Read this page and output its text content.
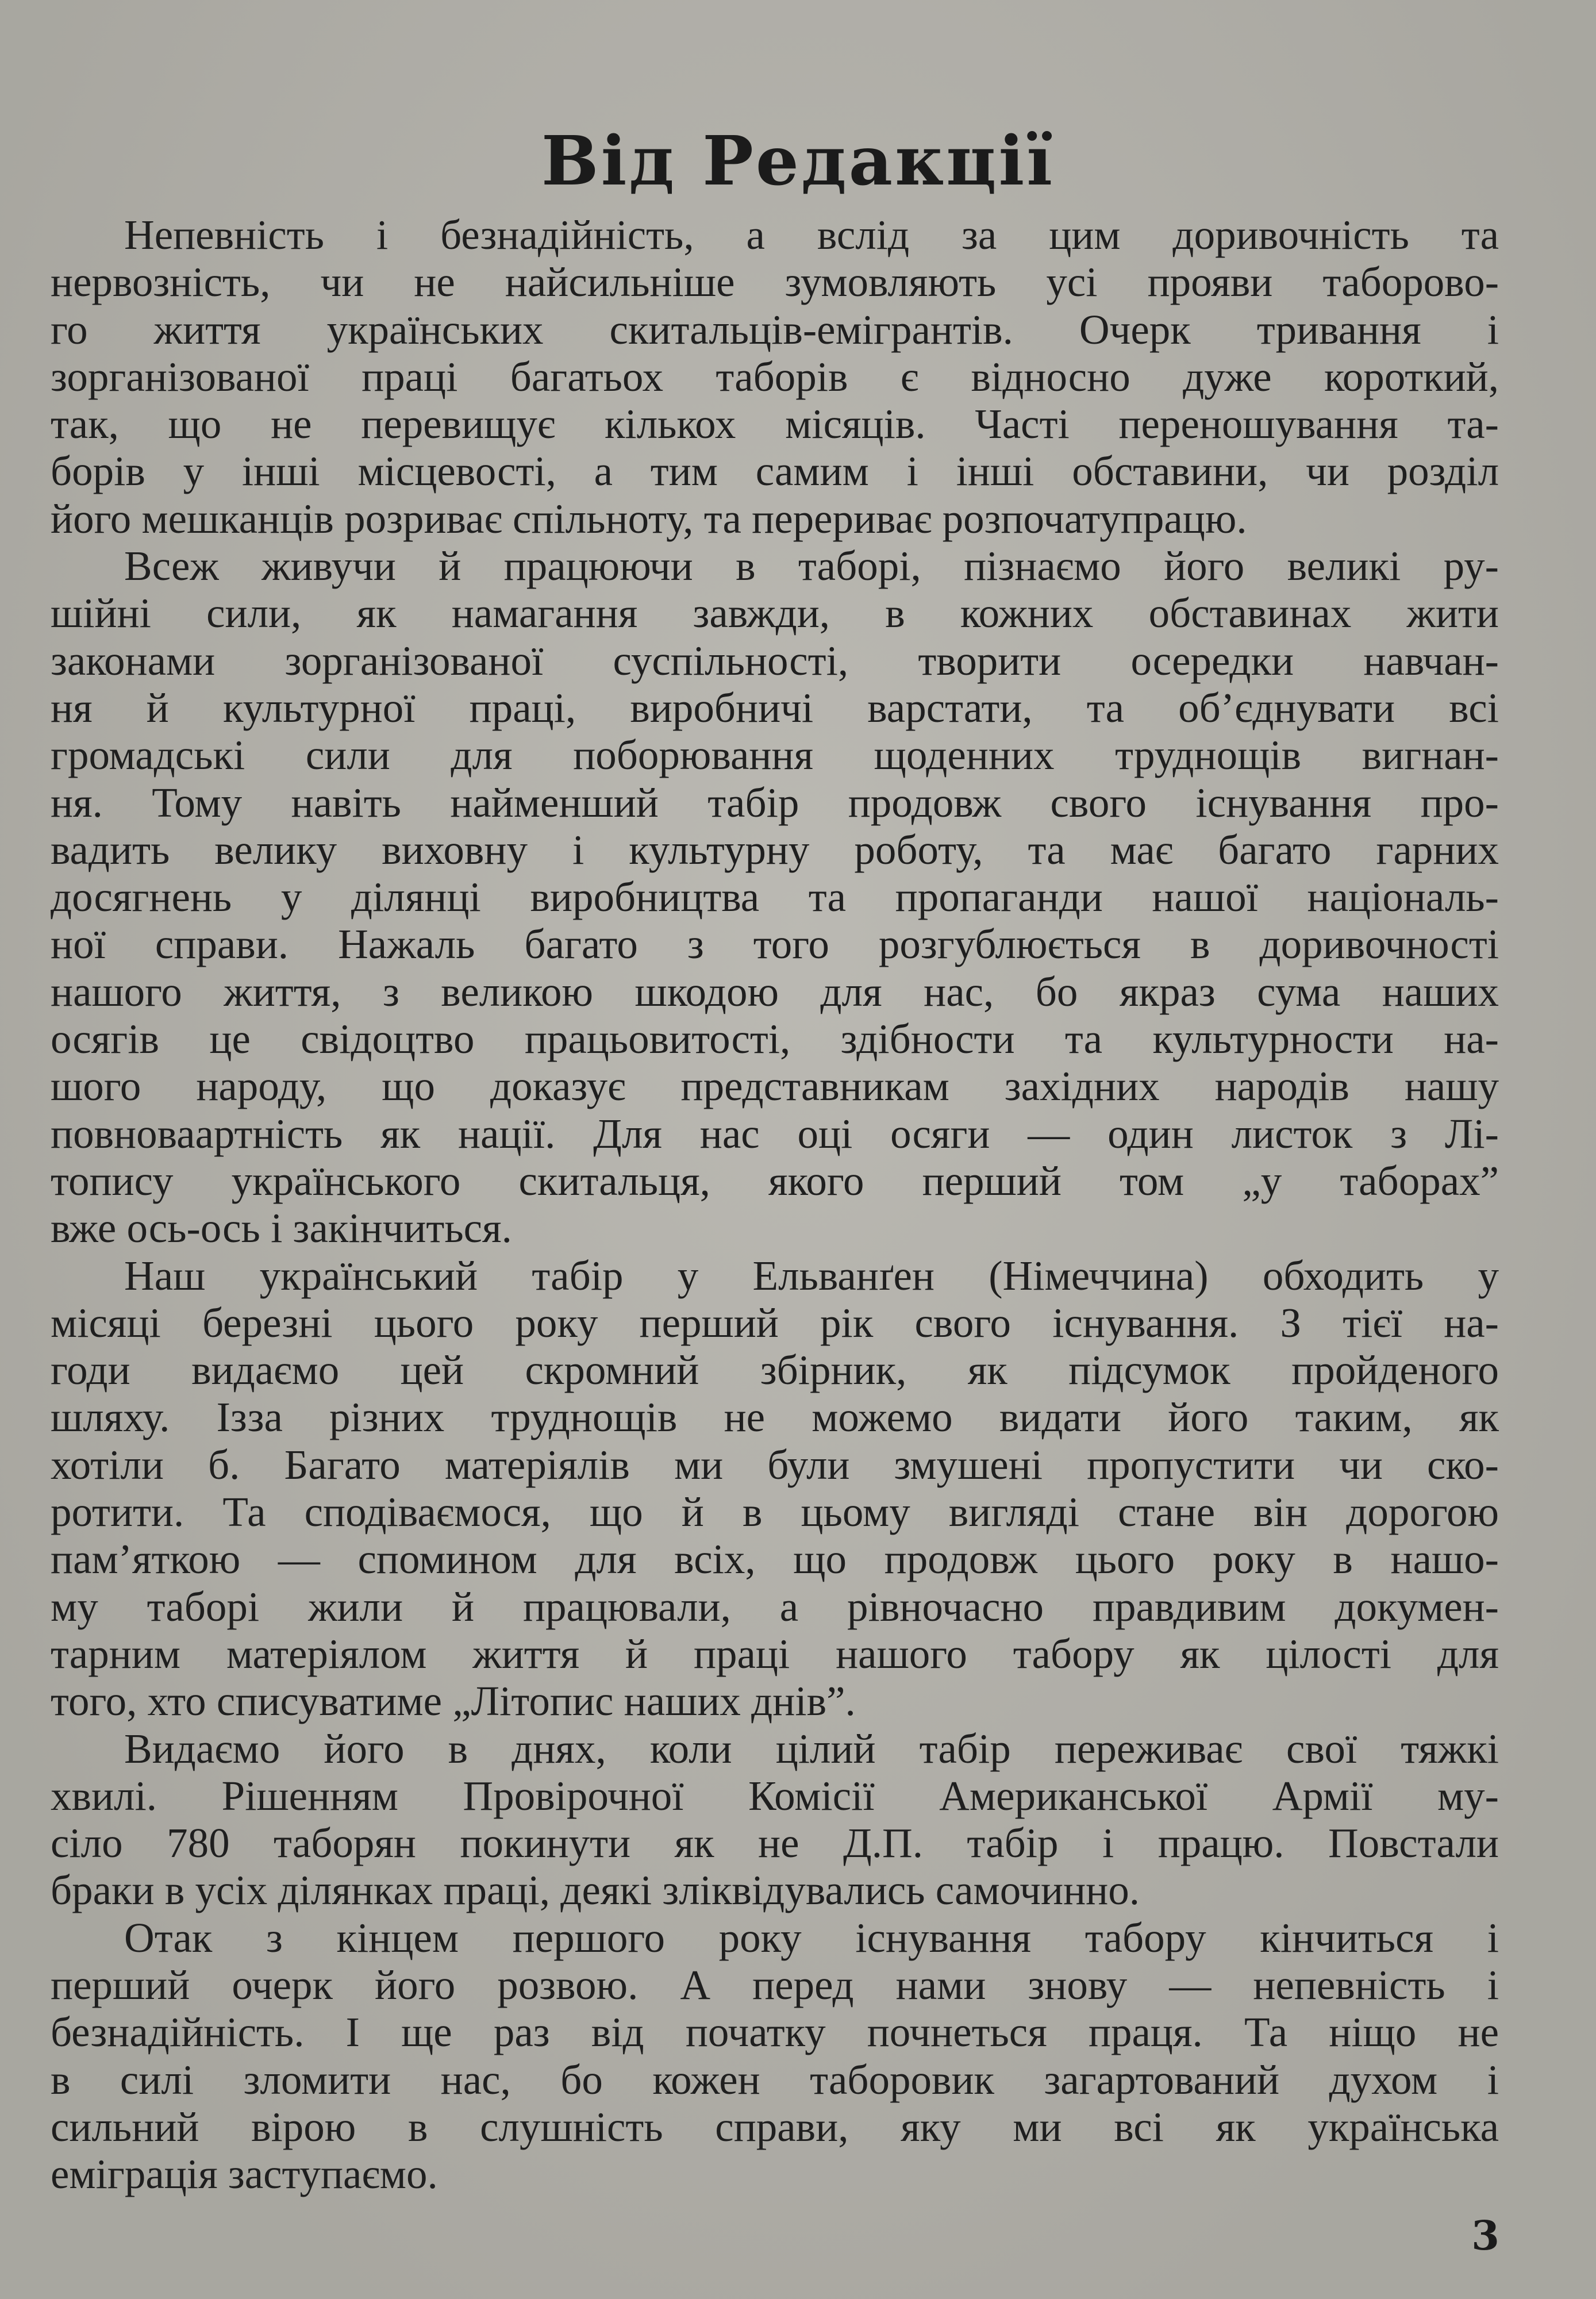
Від Редакції
Непевність і безнадійність, а вслід за цим доривочність та
нервозність, чи не найсильніше зумовляють усі прояви таборово-
го життя українських скитальців-емігрантів. Очерк тривання і
зорганізованої праці багатьох таборів є відносно дуже короткий,
так, що не перевищує кількох місяців. Часті переношування та-
борів у інші місцевості, а тим самим і інші обставини, чи розділ
його мешканців розриває спільноту, та перериває розпочатупрацю.
Всеж живучи й працюючи в таборі, пізнаємо його великі ру-
шійні сили, як намагання завжди, в кожних обставинах жити
законами зорганізованої суспільності, творити осередки навчан-
ня й культурної праці, виробничі варстати, та об’єднувати всі
громадські сили для поборювання щоденних труднощів вигнан-
ня. Тому навіть найменший табір продовж свого існування про-
вадить велику виховну і культурну роботу, та має багато гарних
досягнень у ділянці виробництва та пропаганди нашої національ-
ної справи. Нажаль багато з того розгублюється в доривочності
нашого життя, з великою шкодою для нас, бо якраз сума наших
осягів це свідоцтво працьовитості, здібности та культурности на-
шого народу, що доказує представникам західних народів нашу
повноваартність як нації. Для нас оці осяги — один листок з Лі-
топису українського скитальця, якого перший том „у таборах”
вже ось-ось і закінчиться.
Наш український табір у Ельванґен (Німеччина) обходить у
місяці березні цього року перший рік свого існування. З тієї на-
годи видаємо цей скромний збірник, як підсумок пройденого
шляху. Ізза різних труднощів не можемо видати його таким, як
хотіли б. Багато матеріялів ми були змушені пропустити чи ско-
ротити. Та сподіваємося, що й в цьому вигляді стане він дорогою
пам’яткою — спомином для всіх, що продовж цього року в нашо-
му таборі жили й працювали, а рівночасно правдивим докумен-
тарним матеріялом життя й праці нашого табору як цілості для
того, хто списуватиме „Літопис наших днів”.
Видаємо його в днях, коли цілий табір переживає свої тяжкі
хвилі. Рішенням Провірочної Комісії Американської Армії му-
сіло 780 таборян покинути як не Д.П. табір і працю. Повстали
браки в усіх ділянках праці, деякі зліквідувались самочинно.
Отак з кінцем першого року існування табору кінчиться і
перший очерк його розвою. А перед нами знову — непевність і
безнадійність. І ще раз від початку почнеться праця. Та ніщо не
в силі зломити нас, бо кожен таборовик загартований духом і
сильний вірою в слушність справи, яку ми всі як українська
еміграція заступаємо.
3
